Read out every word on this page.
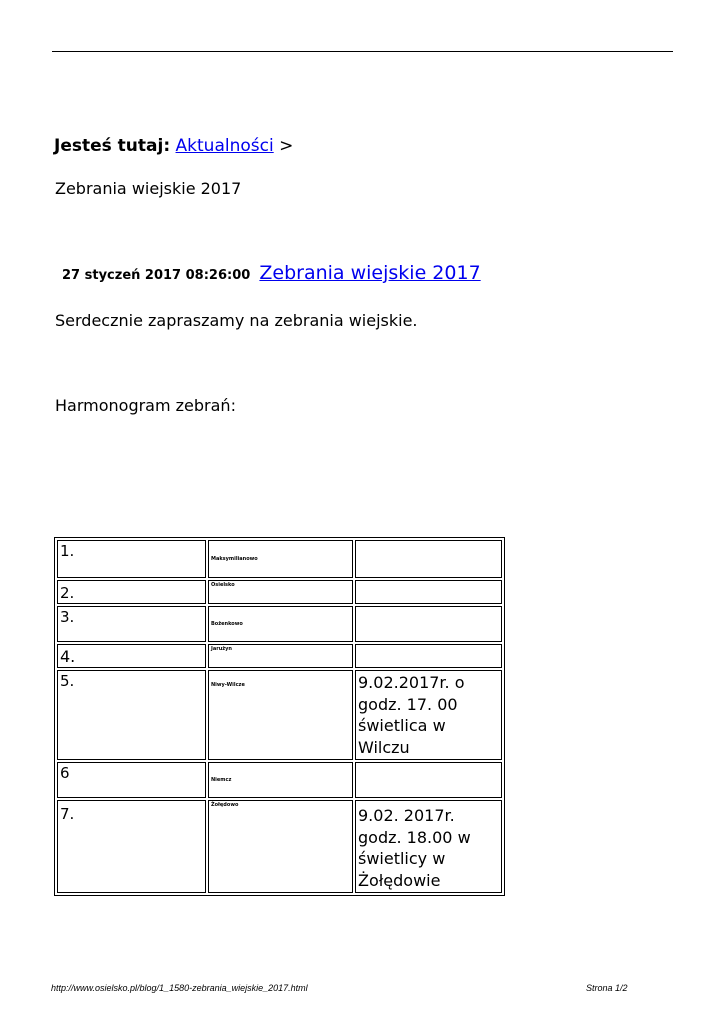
Jesteś tutaj: Aktualności >
Zebrania wiejskie 2017
27 styczeń 2017 08:26:00 Zebrania wiejskie 2017
Serdecznie zapraszamy na zebrania wiejskie.
Harmonogram zebrań:
1.	Maksymilianowo	
2.	Osielsko	
3.	Bożenkowo	
4.	Jarużyn	
5.	Niwy-Wilcze	9.02.2017r. o godz. 17. 00 świetlica w Wilczu
6	Niemcz	
7.	Żołędowo	9.02. 2017r. godz. 18.00 w świetlicy w Żołędowie
http://www.osielsko.pl/blog/1_1580-zebrania_wiejskie_2017.html	Strona 1/2
